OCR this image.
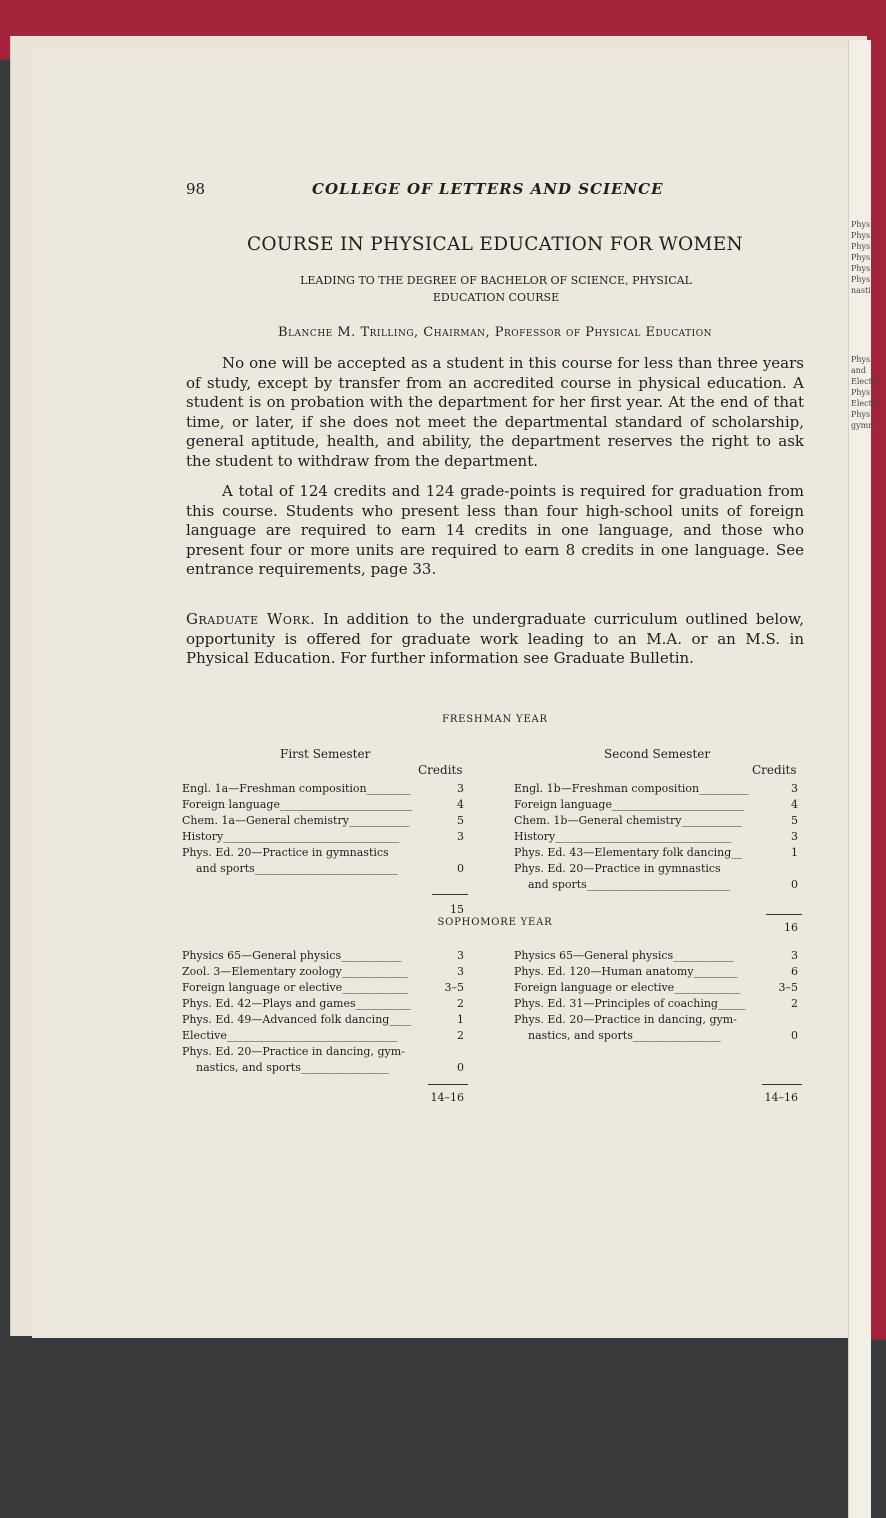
Phys.
Phys.
Phys.
Phys.
Phys.
Phys.
nasti
Phys.
and
Electiv
Phys.
Electiv
Phys.
gymn
98	COLLEGE OF LETTERS AND SCIENCE
COURSE IN PHYSICAL EDUCATION FOR WOMEN
LEADING TO THE DEGREE OF BACHELOR OF SCIENCE, PHYSICAL
EDUCATION COURSE
Blanche M. Trilling, Chairman, Professor of Physical Education

No one will be accepted as a student in this course for less than three years of study, except by transfer from an accredited course in physical education. A student is on probation with the department for her first year. At the end of that time, or later, if she does not meet the departmental standard of scholarship, general aptitude, health, and ability, the department reserves the right to ask the student to withdraw from the department.

A total of 124 credits and 124 grade-points is required for graduation from this course. Students who present less than four high-school units of foreign language are required to earn 14 credits in one language, and those who present four or more units are required to earn 8 credits in one language. See entrance requirements, page 33.

Graduate Work. In addition to the undergraduate curriculum outlined below, opportunity is offered for graduate work leading to an M.A. or an M.S. in Physical Education. For further information see Graduate Bulletin.

FRESHMAN YEAR
First Semester
Credits
Engl. 1a—Freshman composition________	3
Foreign language________________________	4
Chem. 1a—General chemistry___________	5
History________________________________	3
Phys. Ed. 20—Practice in gymnastics
and sports__________________________	0
15
Second Semester
Credits
Engl. 1b—Freshman composition_________	3
Foreign language________________________	4
Chem. 1b—General chemistry___________	5
History________________________________	3
Phys. Ed. 43—Elementary folk dancing__	1
Phys. Ed. 20—Practice in gymnastics
and sports__________________________	0
16
SOPHOMORE YEAR
Physics 65—General physics___________	3
Zool. 3—Elementary zoology____________	3
Foreign language or elective____________	3–5
Phys. Ed. 42—Plays and games__________	2
Phys. Ed. 49—Advanced folk dancing____	1
Elective_______________________________	2
Phys. Ed. 20—Practice in dancing, gym-
nastics, and sports________________	0
14–16
Physics 65—General physics___________	3
Phys. Ed. 120—Human anatomy________	6
Foreign language or elective____________	3–5
Phys. Ed. 31—Principles of coaching_____	2
Phys. Ed. 20—Practice in dancing, gym-
nastics, and sports________________	0
14–16
